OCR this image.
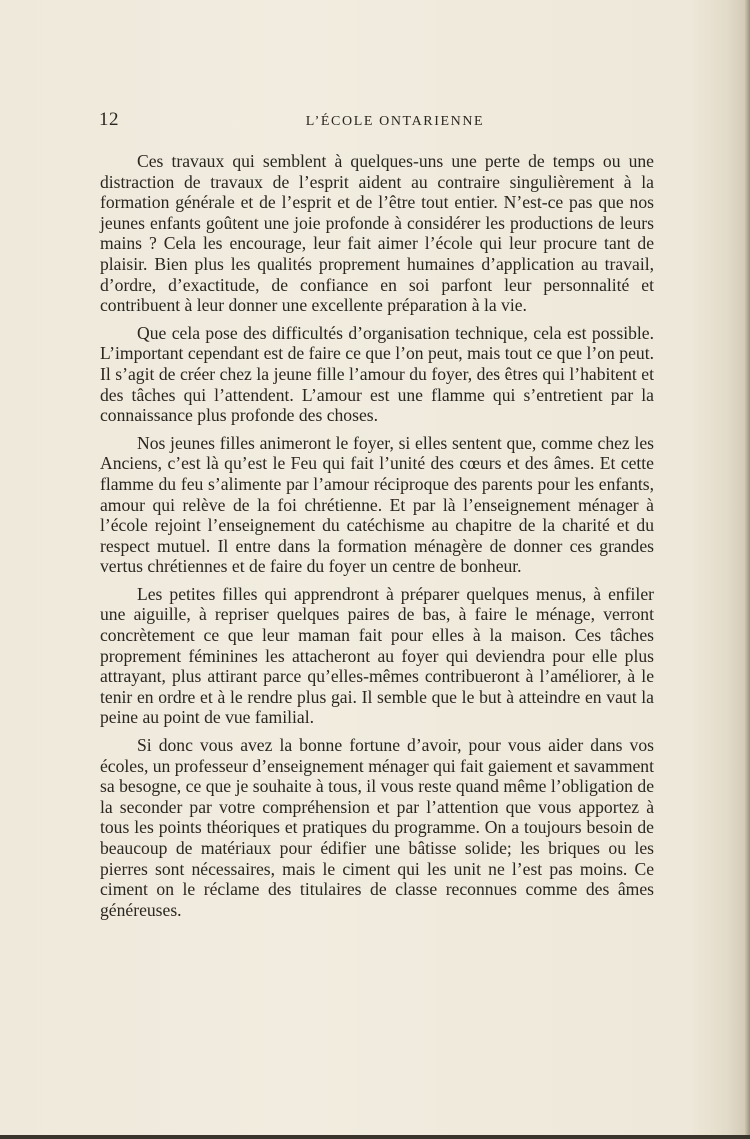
12	L’ÉCOLE ONTARIENNE

Ces travaux qui semblent à quelques-uns une perte de temps ou une distraction de travaux de l’esprit aident au contraire singulièrement à la formation générale et de l’esprit et de l’être tout entier. N’est-ce pas que nos jeunes enfants goûtent une joie profonde à considérer les productions de leurs mains ? Cela les encourage, leur fait aimer l’école qui leur procure tant de plaisir. Bien plus les qualités proprement humaines d’application au travail, d’ordre, d’exactitude, de confiance en soi parfont leur personnalité et contribuent à leur donner une excellente préparation à la vie.

Que cela pose des difficultés d’organisation technique, cela est possible. L’important cependant est de faire ce que l’on peut, mais tout ce que l’on peut. Il s’agit de créer chez la jeune fille l’amour du foyer, des êtres qui l’habitent et des tâches qui l’attendent. L’amour est une flamme qui s’entretient par la connaissance plus profonde des choses.

Nos jeunes filles animeront le foyer, si elles sentent que, comme chez les Anciens, c’est là qu’est le Feu qui fait l’unité des cœurs et des âmes. Et cette flamme du feu s’alimente par l’amour réciproque des parents pour les enfants, amour qui relève de la foi chrétienne. Et par là l’enseignement ménager à l’école rejoint l’enseignement du catéchisme au chapitre de la charité et du respect mutuel. Il entre dans la formation ménagère de donner ces grandes vertus chrétiennes et de faire du foyer un centre de bonheur.

Les petites filles qui apprendront à préparer quelques menus, à enfiler une aiguille, à repriser quelques paires de bas, à faire le ménage, verront concrètement ce que leur maman fait pour elles à la maison. Ces tâches proprement féminines les attacheront au foyer qui deviendra pour elle plus attrayant, plus attirant parce qu’elles-mêmes contribueront à l’améliorer, à le tenir en ordre et à le rendre plus gai. Il semble que le but à atteindre en vaut la peine au point de vue familial.

Si donc vous avez la bonne fortune d’avoir, pour vous aider dans vos écoles, un professeur d’enseignement ménager qui fait gaiement et savamment sa besogne, ce que je souhaite à tous, il vous reste quand même l’obligation de la seconder par votre compréhension et par l’attention que vous apportez à tous les points théoriques et pratiques du programme. On a toujours besoin de beaucoup de matériaux pour édifier une bâtisse solide; les briques ou les pierres sont nécessaires, mais le ciment qui les unit ne l’est pas moins. Ce ciment on le réclame des titulaires de classe reconnues comme des âmes généreuses.
